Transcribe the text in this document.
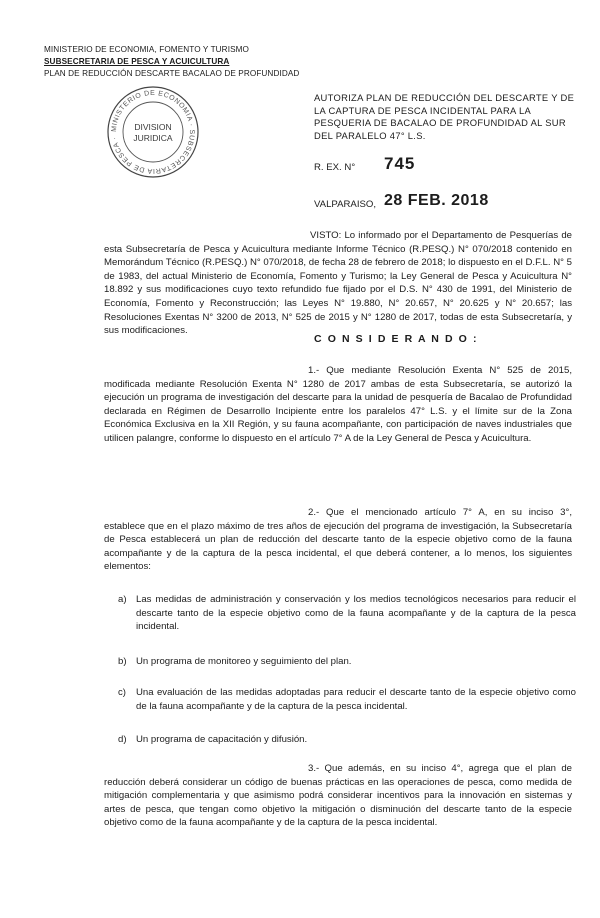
MINISTERIO DE ECONOMIA, FOMENTO Y TURISMO
SUBSECRETARIA DE PESCA Y ACUICULTURA
PLAN DE REDUCCIÓN DESCARTE BACALAO DE PROFUNDIDAD
MINISTERIO DE ECONOMIA · SUBSECRETARIA DE PESCA ·
DIVISION
JURIDICA
AUTORIZA PLAN DE REDUCCIÓN DEL DESCARTE Y DE LA CAPTURA DE PESCA INCIDENTAL PARA LA PESQUERIA DE BACALAO DE PROFUNDIDAD AL SUR DEL PARALELO 47° L.S.
R. EX. N° 745
VALPARAISO, 28 FEB. 2018
VISTO: Lo informado por el Departamento de Pesquerías de esta Subsecretaría de Pesca y Acuicultura mediante Informe Técnico (R.PESQ.) N° 070/2018 contenido en Memorándum Técnico (R.PESQ.) N° 070/2018, de fecha 28 de febrero de 2018; lo dispuesto en el D.F.L. N° 5 de 1983, del actual Ministerio de Economía, Fomento y Turismo; la Ley General de Pesca y Acuicultura N° 18.892 y sus modificaciones cuyo texto refundido fue fijado por el D.S. N° 430 de 1991, del Ministerio de Economía, Fomento y Reconstrucción; las Leyes N° 19.880, N° 20.657, N° 20.625 y N° 20.657; las Resoluciones Exentas N° 3200 de 2013, N° 525 de 2015 y N° 1280 de 2017, todas de esta Subsecretaría, y sus modificaciones.
C O N S I D E R A N D O :
1.- Que mediante Resolución Exenta N° 525 de 2015, modificada mediante Resolución Exenta N° 1280 de 2017 ambas de esta Subsecretaría, se autorizó la ejecución un programa de investigación del descarte para la unidad de pesquería de Bacalao de Profundidad declarada en Régimen de Desarrollo Incipiente entre los paralelos 47° L.S. y el límite sur de la Zona Económica Exclusiva en la XII Región, y su fauna acompañante, con participación de naves industriales que utilicen palangre, conforme lo dispuesto en el artículo 7° A de la Ley General de Pesca y Acuicultura.
2.- Que el mencionado artículo 7° A, en su inciso 3°, establece que en el plazo máximo de tres años de ejecución del programa de investigación, la Subsecretaría de Pesca establecerá un plan de reducción del descarte tanto de la especie objetivo como de la fauna acompañante y de la captura de la pesca incidental, el que deberá contener, a lo menos, los siguientes elementos:
a) Las medidas de administración y conservación y los medios tecnológicos necesarios para reducir el descarte tanto de la especie objetivo como de la fauna acompañante y de la captura de la pesca incidental.
b) Un programa de monitoreo y seguimiento del plan.
c) Una evaluación de las medidas adoptadas para reducir el descarte tanto de la especie objetivo como de la fauna acompañante y de la captura de la pesca incidental.
d) Un programa de capacitación y difusión.
3.- Que además, en su inciso 4°, agrega que el plan de reducción deberá considerar un código de buenas prácticas en las operaciones de pesca, como medida de mitigación complementaria y que asimismo podrá considerar incentivos para la innovación en sistemas y artes de pesca, que tengan como objetivo la mitigación o disminución del descarte tanto de la especie objetivo como de la fauna acompañante y de la captura de la pesca incidental.
